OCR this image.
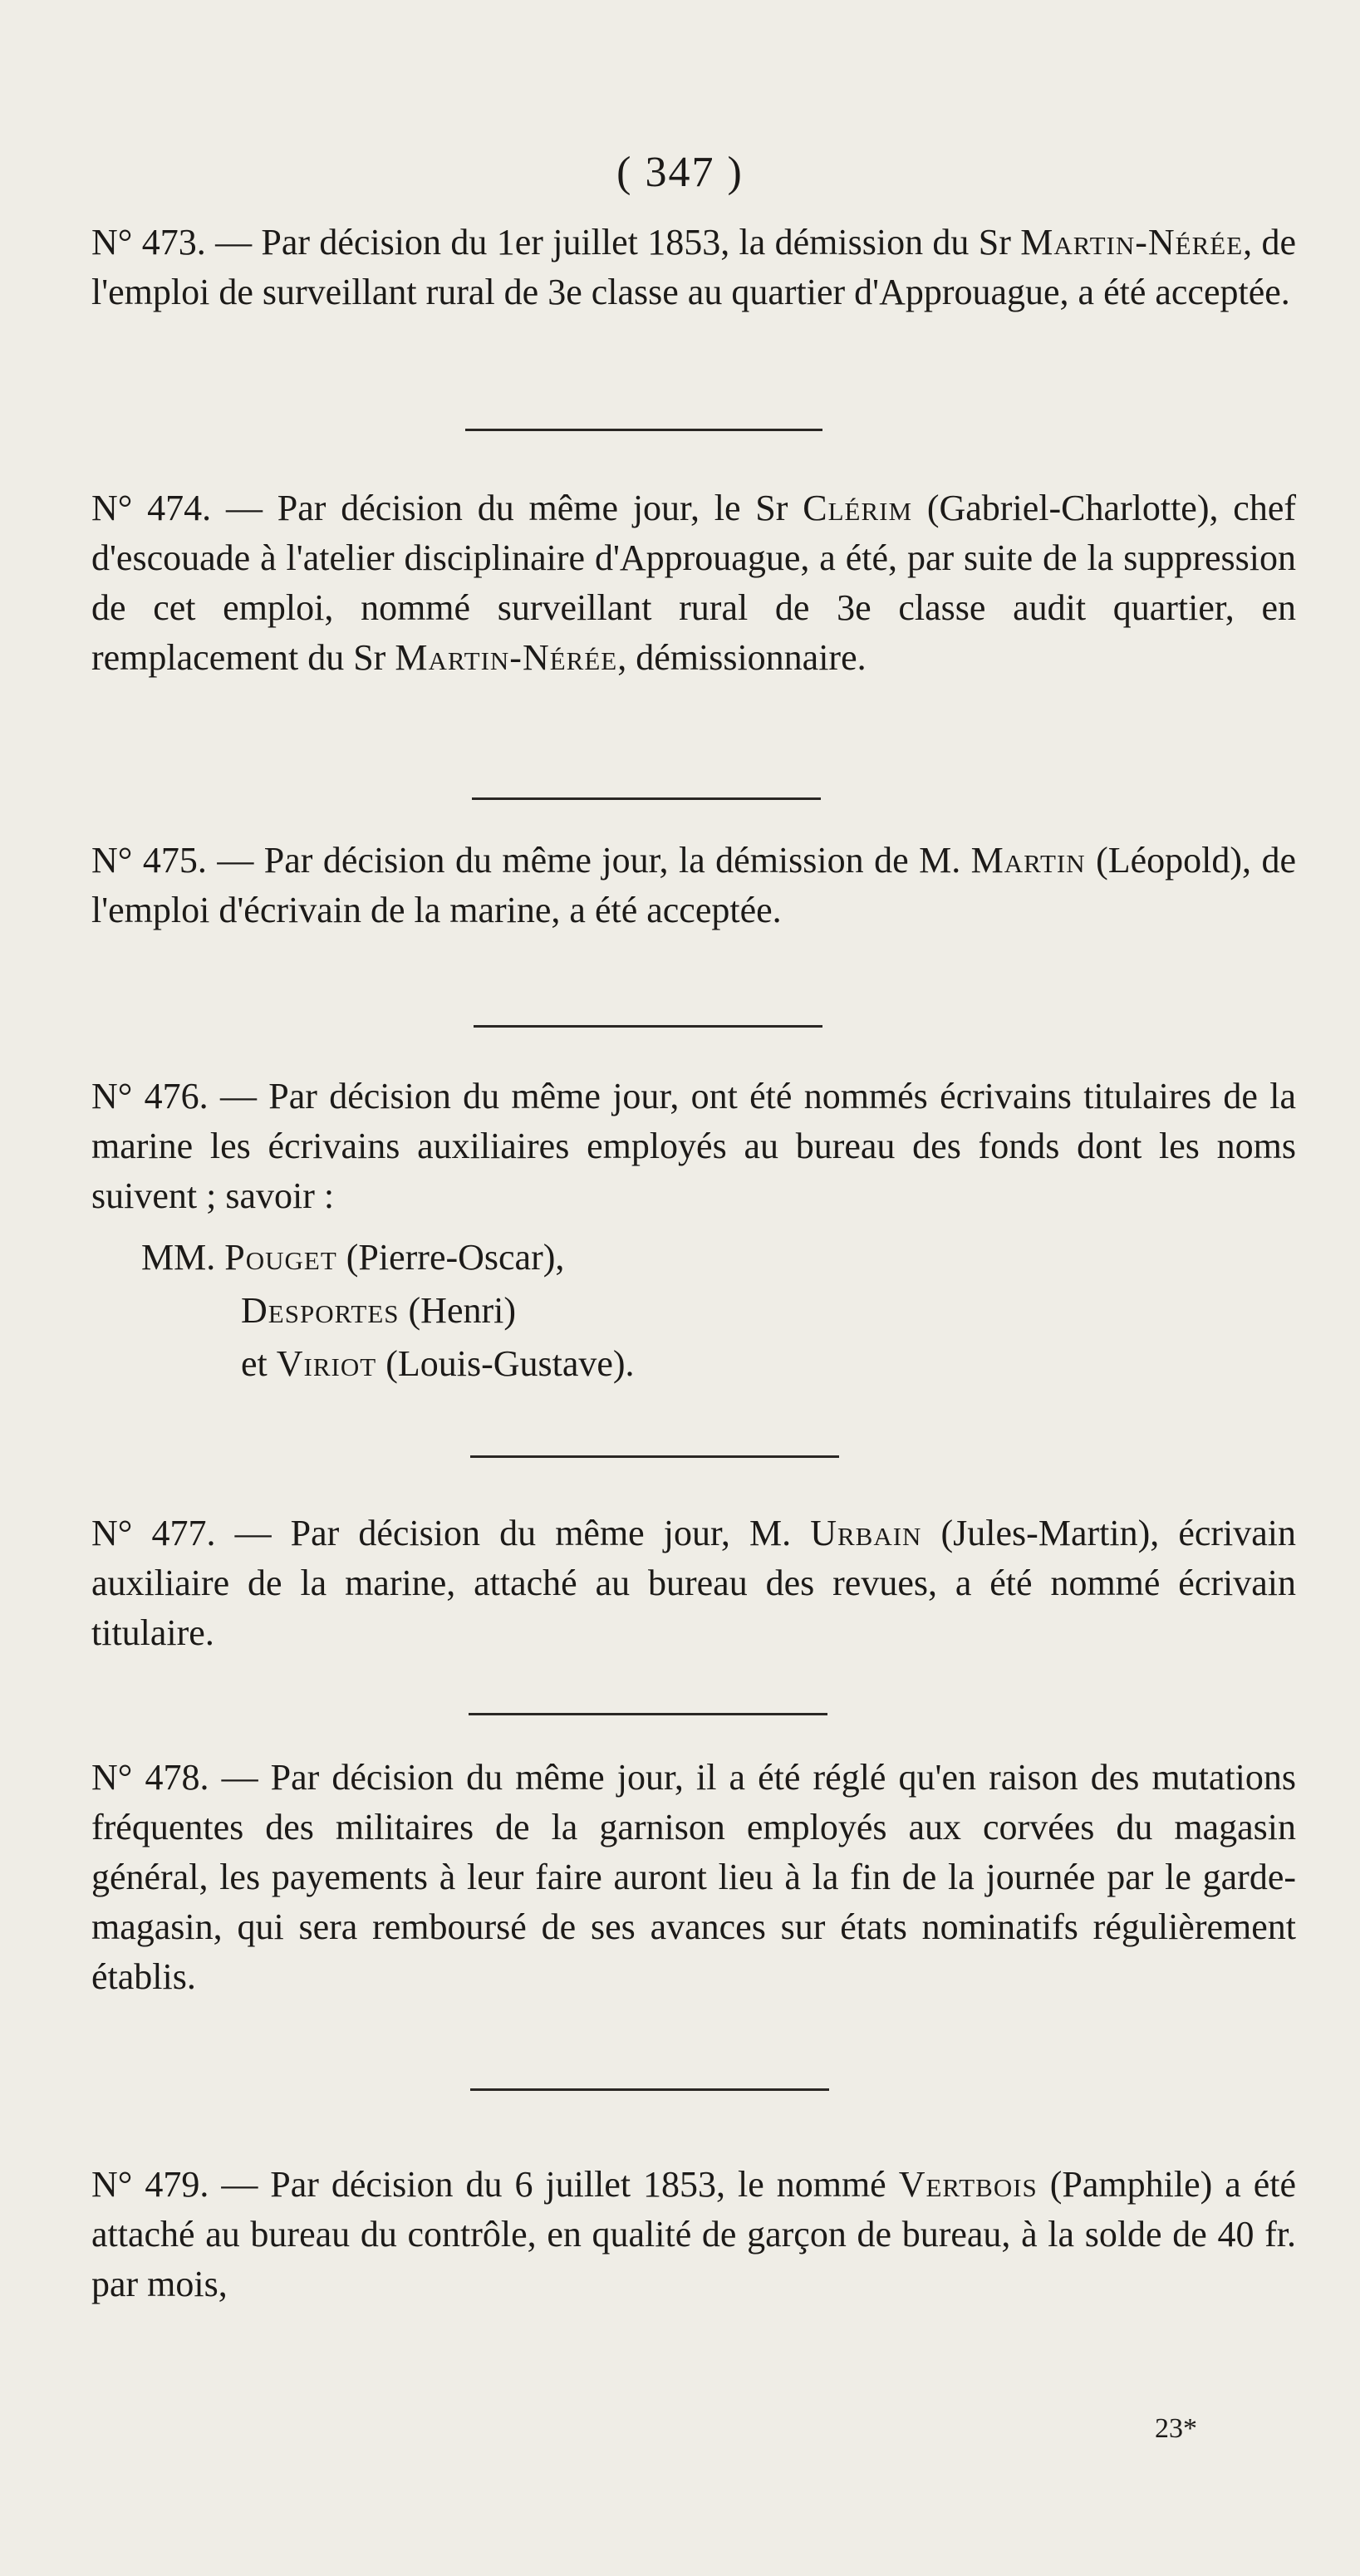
( 347 )
N° 473. — Par décision du 1er juillet 1853, la démission du Sr Martin-Nérée, de l'emploi de surveillant rural de 3e classe au quartier d'Approuague, a été acceptée.
N° 474. — Par décision du même jour, le Sr Clérim (Gabriel-Charlotte), chef d'escouade à l'atelier disciplinaire d'Approuague, a été, par suite de la suppression de cet emploi, nommé surveillant rural de 3e classe audit quartier, en remplacement du Sr Martin-Nérée, démissionnaire.
N° 475. — Par décision du même jour, la démission de M. Martin (Léopold), de l'emploi d'écrivain de la marine, a été acceptée.
N° 476. — Par décision du même jour, ont été nommés écrivains titulaires de la marine les écrivains auxiliaires employés au bureau des fonds dont les noms suivent ; savoir :
MM. Pouget (Pierre-Oscar),
Desportes (Henri)
et Viriot (Louis-Gustave).
N° 477. — Par décision du même jour, M. Urbain (Jules-Martin), écrivain auxiliaire de la marine, attaché au bureau des revues, a été nommé écrivain titulaire.
N° 478. — Par décision du même jour, il a été réglé qu'en raison des mutations fréquentes des militaires de la garnison employés aux corvées du magasin général, les payements à leur faire auront lieu à la fin de la journée par le garde-magasin, qui sera remboursé de ses avances sur états nominatifs régulièrement établis.
N° 479. — Par décision du 6 juillet 1853, le nommé Vertbois (Pamphile) a été attaché au bureau du contrôle, en qualité de garçon de bureau, à la solde de 40 fr. par mois,
23*
